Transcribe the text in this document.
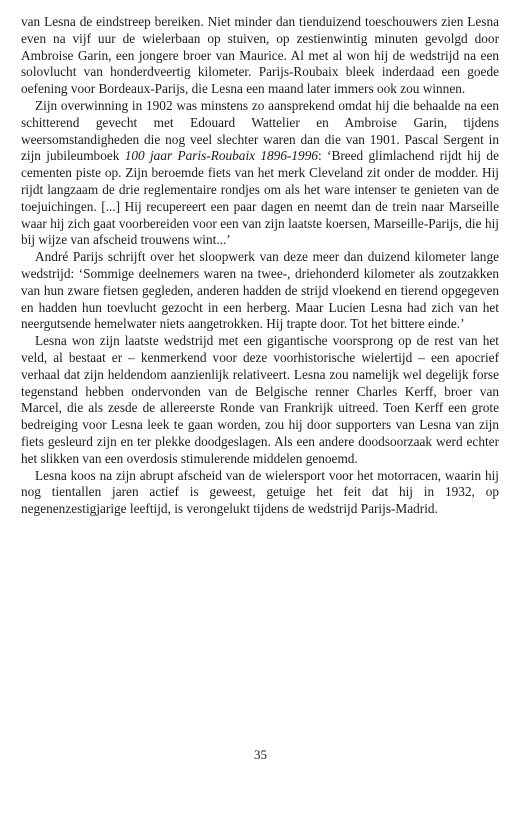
van Lesna de eindstreep bereiken. Niet minder dan tienduizend toeschouwers zien Lesna even na vijf uur de wielerbaan op stuiven, op zestienwintig minuten gevolgd door Ambroise Garin, een jongere broer van Maurice. Al met al won hij de wedstrijd na een solovlucht van honderdveertig kilometer. Parijs-Roubaix bleek inderdaad een goede oefening voor Bordeaux-Parijs, die Lesna een maand later immers ook zou winnen.

Zijn overwinning in 1902 was minstens zo aansprekend omdat hij die behaalde na een schitterend gevecht met Edouard Wattelier en Ambroise Garin, tijdens weersomstandigheden die nog veel slechter waren dan die van 1901. Pascal Sergent in zijn jubileumboek 100 jaar Paris-Roubaix 1896-1996: ‘Breed glimlachend rijdt hij de cementen piste op. Zijn beroemde fiets van het merk Cleveland zit onder de modder. Hij rijdt langzaam de drie reglementaire rondjes om als het ware intenser te genieten van de toejuichingen. [...] Hij recupereert een paar dagen en neemt dan de trein naar Marseille waar hij zich gaat voorbereiden voor een van zijn laatste koersen, Marseille-Parijs, die hij bij wijze van afscheid trouwens wint...’

André Parijs schrijft over het sloopwerk van deze meer dan duizend kilometer lange wedstrijd: ‘Sommige deelnemers waren na twee-, driehonderd kilometer als zoutzakken van hun zware fietsen gegleden, anderen hadden de strijd vloekend en tierend opgegeven en hadden hun toevlucht gezocht in een herberg. Maar Lucien Lesna had zich van het neergutsende hemelwater niets aangetrokken. Hij trapte door. Tot het bittere einde.’

Lesna won zijn laatste wedstrijd met een gigantische voorsprong op de rest van het veld, al bestaat er – kenmerkend voor deze voorhistorische wielertijd – een apocrief verhaal dat zijn heldendom aanzienlijk relativeert. Lesna zou namelijk wel degelijk forse tegenstand hebben ondervonden van de Belgische renner Charles Kerff, broer van Marcel, die als zesde de allereerste Ronde van Frankrijk uitreed. Toen Kerff een grote bedreiging voor Lesna leek te gaan worden, zou hij door supporters van Lesna van zijn fiets gesleurd zijn en ter plekke doodgeslagen. Als een andere doodsoorzaak werd echter het slikken van een overdosis stimulerende middelen genoemd.

Lesna koos na zijn abrupt afscheid van de wielersport voor het motorracen, waarin hij nog tientallen jaren actief is geweest, getuige het feit dat hij in 1932, op negenenzestigjarige leeftijd, is verongelukt tijdens de wedstrijd Parijs-Madrid.

35
